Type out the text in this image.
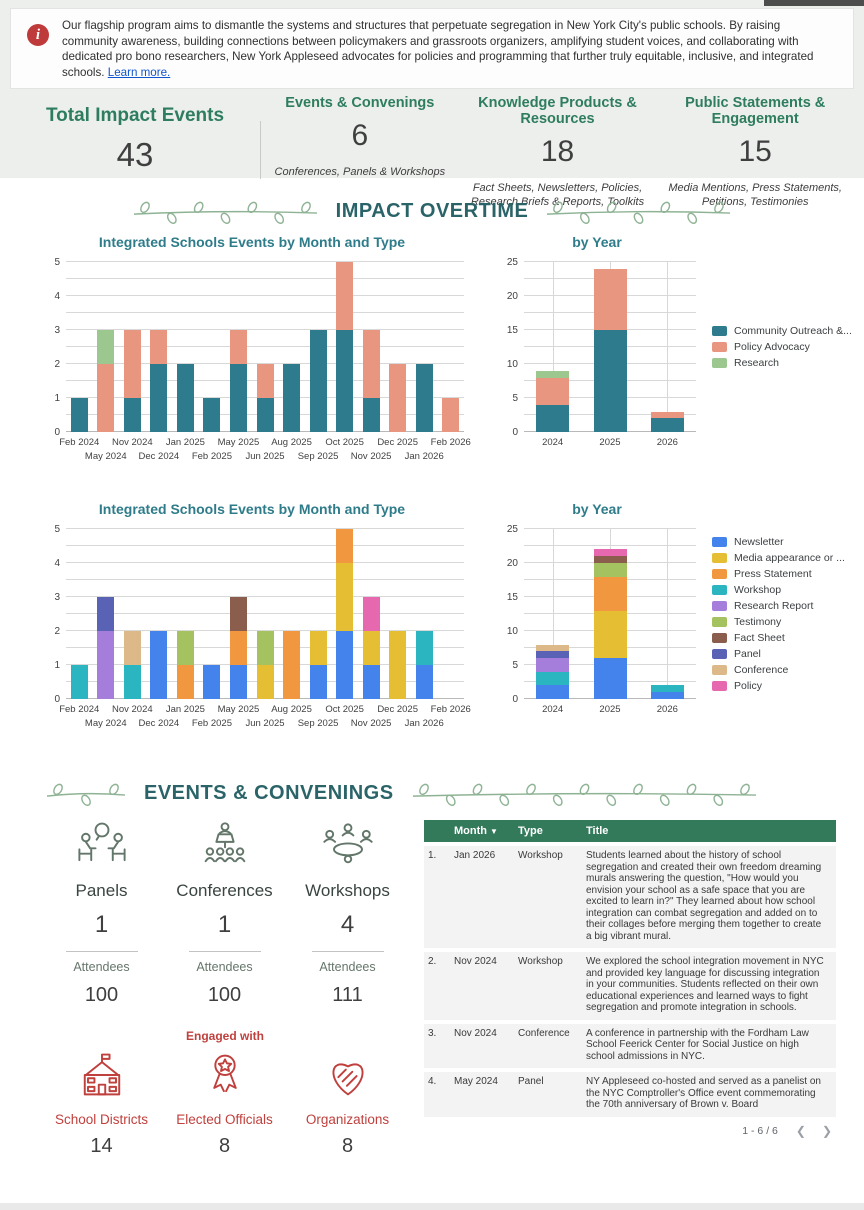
i
Our flagship program aims to dismantle the systems and structures that perpetuate segregation in New York City's public schools. By raising community awareness, building connections between policymakers and grassroots organizers, amplifying student voices, and collaborating with dedicated pro bono researchers, New York Appleseed advocates for policies and programming that further truly equitable, inclusive, and integrated schools. Learn more.
Total Impact Events
43
Events & Convenings
6
Conferences, Panels & Workshops
Knowledge Products & Resources
18
Fact Sheets, Newsletters, Policies, Research Briefs & Reports, Toolkits
Public Statements & Engagement
15
Media Mentions, Press Statements, Petitions, Testimonies
IMPACT OVERTIME
Integrated Schools Events by Month and Type
0
1
2
3
4
5
Feb 2024
May 2024
Nov 2024
Dec 2024
Jan 2025
Feb 2025
May 2025
Jun 2025
Aug 2025
Sep 2025
Oct 2025
Nov 2025
Dec 2025
Jan 2026
Feb 2026
by Year
0
5
10
15
20
25
Community Outreach &...
Policy Advocacy
Research
2024	2025	2026
Integrated Schools Events by Month and Type
0
1
2
3
4
5
Feb 2024
May 2024
Nov 2024
Dec 2024
Jan 2025
Feb 2025
May 2025
Jun 2025
Aug 2025
Sep 2025
Oct 2025
Nov 2025
Dec 2025
Jan 2026
Feb 2026
by Year
0
5
10
15
20
25
Newsletter
Media appearance or ...
Press Statement
Workshop
Research Report
Testimony
Fact Sheet
Panel
Conference
Policy
2024	2025	2026
EVENTS & CONVENINGS
Panels
1
Attendees
100
Conferences
1
Attendees
100
Workshops
4
Attendees
111
Engaged with
School Districts
14
Elected Officials
8
Organizations
8
Month ▼	Type	Title
1.	Jan 2026	Workshop	Students learned about the history of school segregation and created their own freedom dreaming murals answering the question, "How would you envision your school as a safe space that you are excited to learn in?" They learned about how school integration can combat segregation and added on to their collages before merging them together to create a big vibrant mural.
2.	Nov 2024	Workshop	We explored the school integration movement in NYC and provided key language for discussing integration in your communities. Students reflected on their own educational experiences and learned ways to fight segregation and promote integration in schools.
3.	Nov 2024	Conference	A conference in partnership with the Fordham Law School Feerick Center for Social Justice on high school admissions in NYC.
4.	May 2024	Panel	NY Appleseed co-hosted and served as a panelist on the NYC Comptroller's Office event commemorating the 70th anniversary of Brown v. Board
1 - 6 / 6 ❮ ❯
